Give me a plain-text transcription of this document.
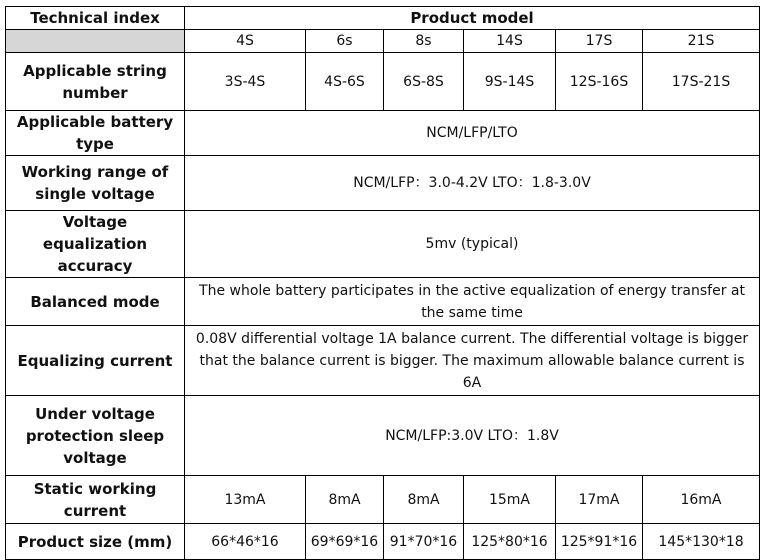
Technical index	Product model					
	4S	6s	8s	14S	17S	21S
Applicable string number	3S-4S	4S-6S	6S-8S	9S-14S	12S-16S	17S-21S
Applicable battery type	NCM/LFP/LTO					
Working range of single voltage	NCM/LFP：3.0-4.2V LTO：1.8-3.0V					
Voltage equalization accuracy	5mv (typical)					
Balanced mode	The whole battery participates in the active equalization of energy transfer at the same time					
Equalizing current	0.08V differential voltage 1A balance current. The differential voltage is bigger that the balance current is bigger. The maximum allowable balance current is 6A					
Under voltage protection sleep voltage	NCM/LFP:3.0V LTO：1.8V					
Static working current	13mA	8mA	8mA	15mA	17mA	16mA
Product size (mm)	66*46*16	69*69*16	91*70*16	125*80*16	125*91*16	145*130*18
